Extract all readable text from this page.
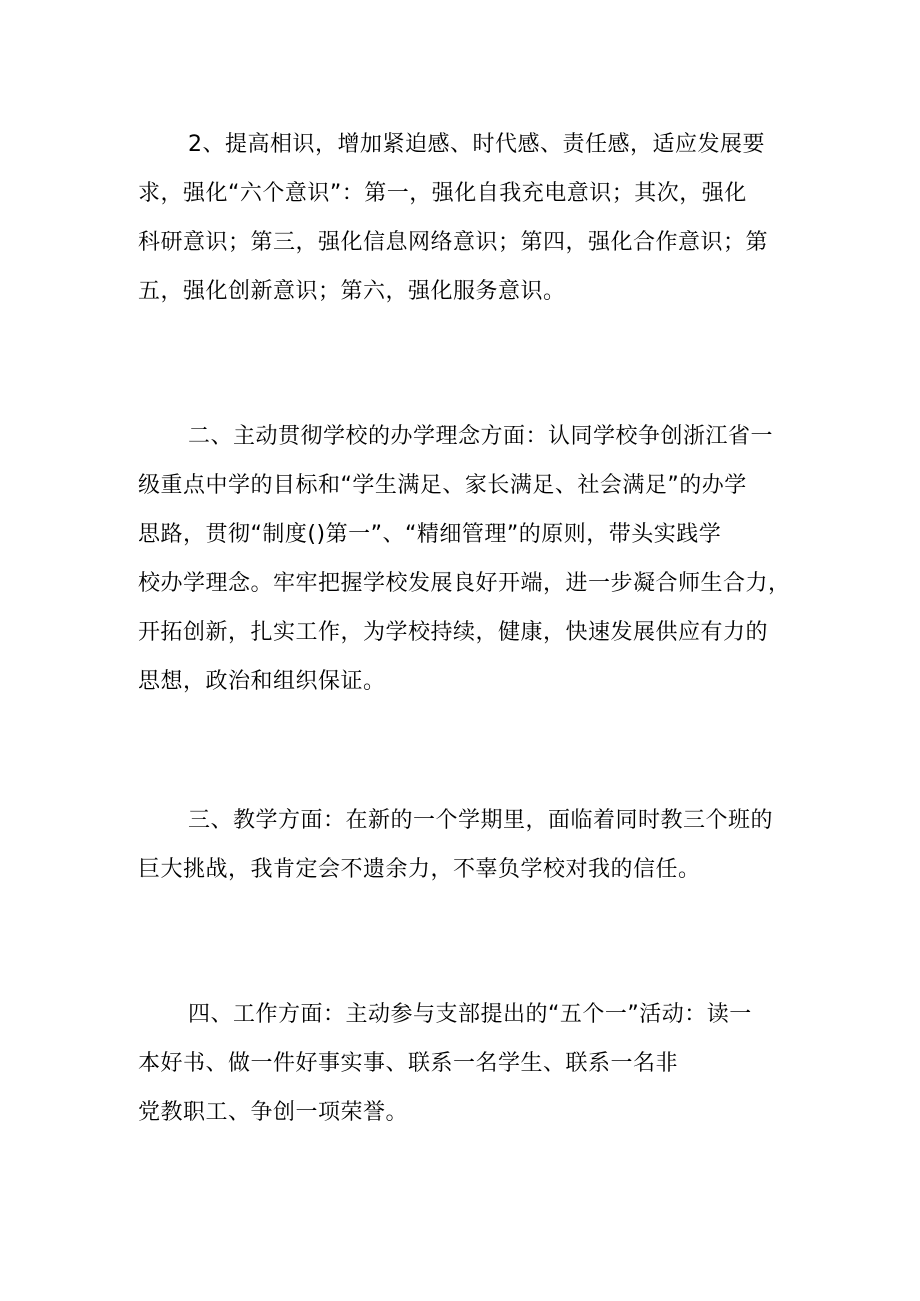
2、提高相识，增加紧迫感、时代感、责任感，适应发展要
求，强化“六个意识”：第一，强化自我充电意识；其次，强化
科研意识；第三，强化信息网络意识；第四，强化合作意识；第
五，强化创新意识；第六，强化服务意识。
二、主动贯彻学校的办学理念方面：认同学校争创浙江省一
级重点中学的目标和“学生满足、家长满足、社会满足”的办学
思路，贯彻“制度()第一”、“精细管理”的原则，带头实践学
校办学理念。牢牢把握学校发展良好开端，进一步凝合师生合力，
开拓创新，扎实工作，为学校持续，健康，快速发展供应有力的
思想，政治和组织保证。
三、教学方面：在新的一个学期里，面临着同时教三个班的
巨大挑战，我肯定会不遗余力，不辜负学校对我的信任。
四、工作方面：主动参与支部提出的“五个一”活动：读一
本好书、做一件好事实事、联系一名学生、联系一名非
党教职工、争创一项荣誉。
